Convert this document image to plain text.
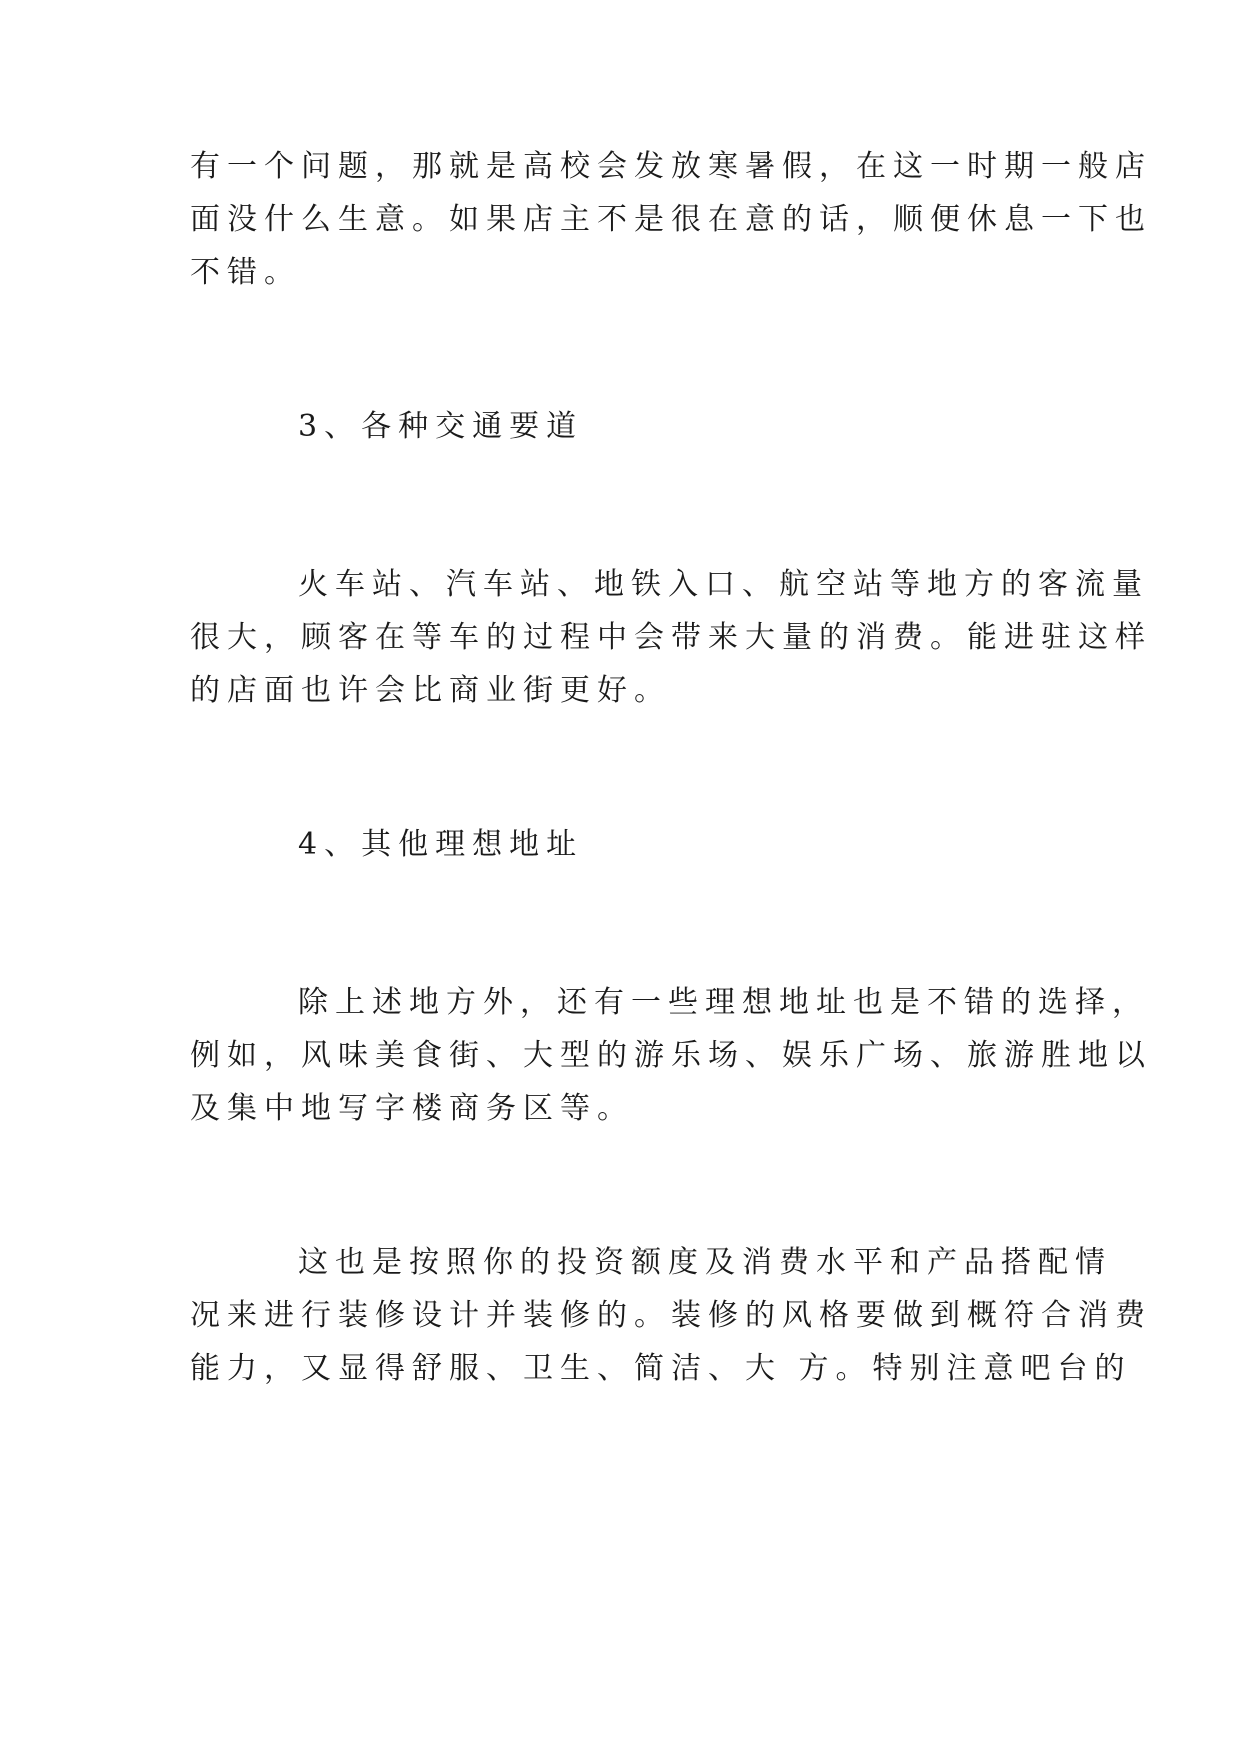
有一个问题，那就是高校会发放寒暑假，在这一时期一般店
面没什么生意。如果店主不是很在意的话，顺便休息一下也
不错。
3、各种交通要道
火车站、汽车站、地铁入口、航空站等地方的客流量
很大，顾客在等车的过程中会带来大量的消费。能进驻这样
的店面也许会比商业街更好。
4、其他理想地址
除上述地方外，还有一些理想地址也是不错的选择，
例如，风味美食街、大型的游乐场、娱乐广场、旅游胜地以
及集中地写字楼商务区等。
这也是按照你的投资额度及消费水平和产品搭配情
况来进行装修设计并装修的。装修的风格要做到概符合消费
能力，又显得舒服、卫生、简洁、大 方。特别注意吧台的
